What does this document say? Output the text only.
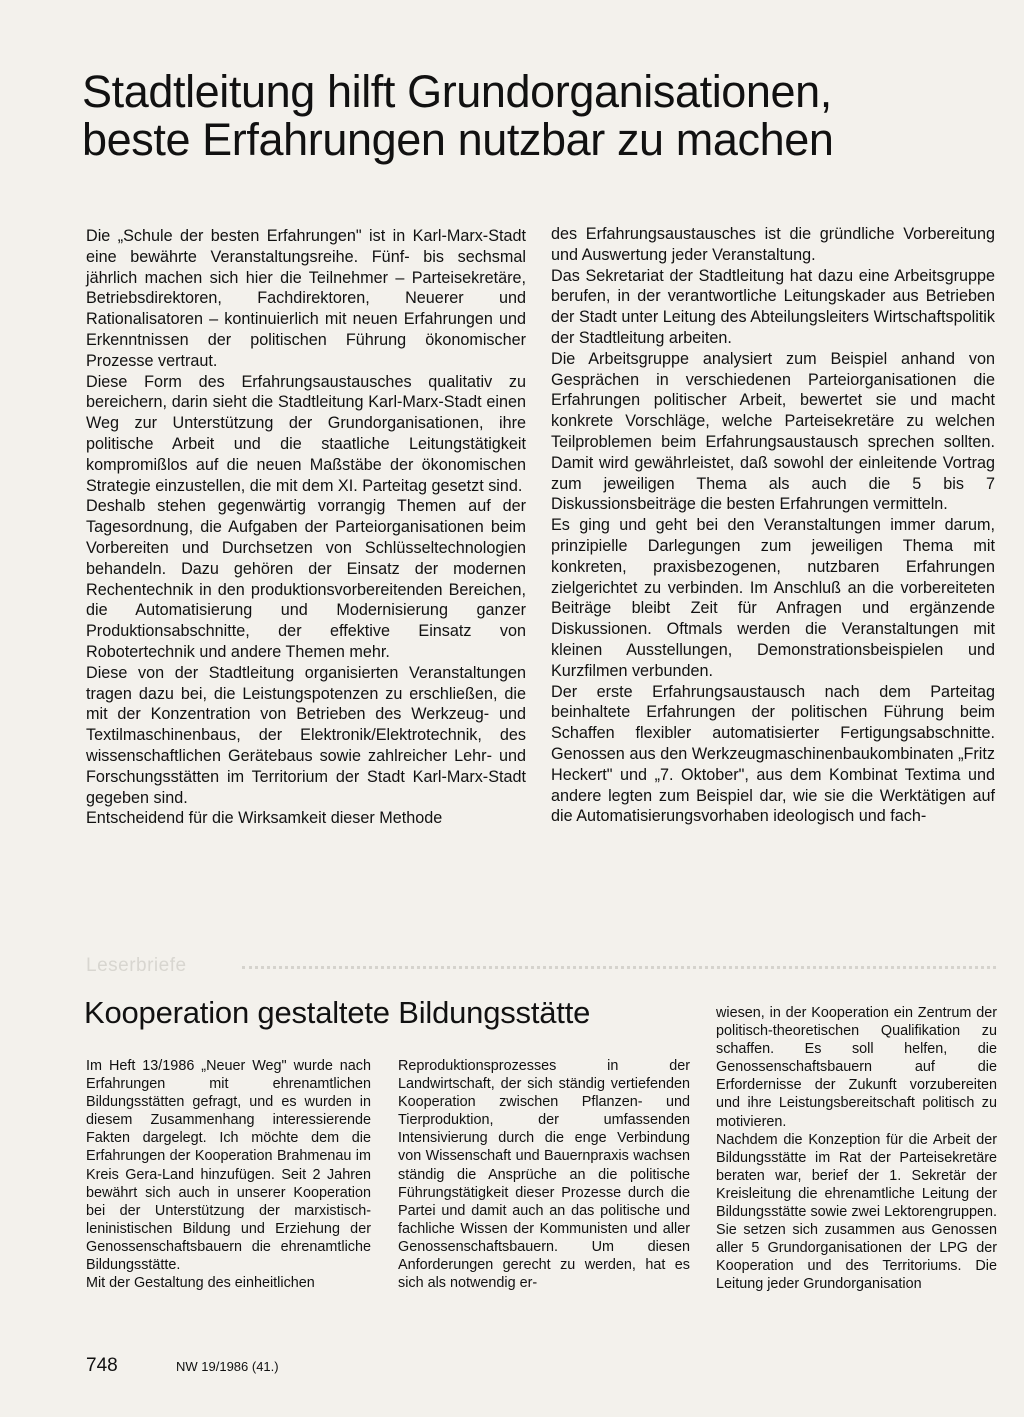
Stadtleitung hilft Grundorganisationen,
beste Erfahrungen nutzbar zu machen

Die „Schule der besten Erfahrungen" ist in Karl-Marx-Stadt eine bewährte Veranstaltungsreihe. Fünf- bis sechsmal jährlich machen sich hier die Teilnehmer – Parteisekretäre, Betriebsdirektoren, Fachdirektoren, Neuerer und Rationalisatoren – kontinuierlich mit neuen Erfahrungen und Erkenntnissen der politischen Führung ökonomischer Prozesse vertraut.

Diese Form des Erfahrungsaustausches qualitativ zu bereichern, darin sieht die Stadtleitung Karl-Marx-Stadt einen Weg zur Unterstützung der Grundorganisationen, ihre politische Arbeit und die staatliche Leitungstätigkeit kompromißlos auf die neuen Maßstäbe der ökonomischen Strategie einzustellen, die mit dem XI. Parteitag gesetzt sind.

Deshalb stehen gegenwärtig vorrangig Themen auf der Tagesordnung, die Aufgaben der Parteiorganisationen beim Vorbereiten und Durchsetzen von Schlüsseltechnologien behandeln. Dazu gehören der Einsatz der modernen Rechentechnik in den produktionsvorbereitenden Bereichen, die Automatisierung und Modernisierung ganzer Produktionsabschnitte, der effektive Einsatz von Robotertechnik und andere Themen mehr.

Diese von der Stadtleitung organisierten Veranstaltungen tragen dazu bei, die Leistungspotenzen zu erschließen, die mit der Konzentration von Betrieben des Werkzeug- und Textilmaschinenbaus, der Elektronik/Elektrotechnik, des wissenschaftlichen Gerätebaus sowie zahlreicher Lehr- und Forschungsstätten im Territorium der Stadt Karl-Marx-Stadt gegeben sind.

Entscheidend für die Wirksamkeit dieser Methode

des Erfahrungsaustausches ist die gründliche Vorbereitung und Auswertung jeder Veranstaltung.

Das Sekretariat der Stadtleitung hat dazu eine Arbeitsgruppe berufen, in der verantwortliche Leitungskader aus Betrieben der Stadt unter Leitung des Abteilungsleiters Wirtschaftspolitik der Stadtleitung arbeiten.

Die Arbeitsgruppe analysiert zum Beispiel anhand von Gesprächen in verschiedenen Parteiorganisationen die Erfahrungen politischer Arbeit, bewertet sie und macht konkrete Vorschläge, welche Parteisekretäre zu welchen Teilproblemen beim Erfahrungsaustausch sprechen sollten. Damit wird gewährleistet, daß sowohl der einleitende Vortrag zum jeweiligen Thema als auch die 5 bis 7 Diskussionsbeiträge die besten Erfahrungen vermitteln.

Es ging und geht bei den Veranstaltungen immer darum, prinzipielle Darlegungen zum jeweiligen Thema mit konkreten, praxisbezogenen, nutzbaren Erfahrungen zielgerichtet zu verbinden. Im Anschluß an die vorbereiteten Beiträge bleibt Zeit für Anfragen und ergänzende Diskussionen. Oftmals werden die Veranstaltungen mit kleinen Ausstellungen, Demonstrationsbeispielen und Kurzfilmen verbunden.

Der erste Erfahrungsaustausch nach dem Parteitag beinhaltete Erfahrungen der politischen Führung beim Schaffen flexibler automatisierter Fertigungsabschnitte. Genossen aus den Werkzeugmaschinenbaukombinaten „Fritz Heckert" und „7. Oktober", aus dem Kombinat Textima und andere legten zum Beispiel dar, wie sie die Werktätigen auf die Automatisierungsvorhaben ideologisch und fach-

Leserbriefe
Kooperation gestaltete Bildungsstätte

Im Heft 13/1986 „Neuer Weg" wurde nach Erfahrungen mit ehrenamtlichen Bildungsstätten gefragt, und es wurden in diesem Zusammenhang interessierende Fakten dargelegt. Ich möchte dem die Erfahrungen der Kooperation Brahmenau im Kreis Gera-Land hinzufügen. Seit 2 Jahren bewährt sich auch in unserer Kooperation bei der Unterstützung der marxistisch-leninistischen Bildung und Erziehung der Genossenschaftsbauern die ehrenamtliche Bildungsstätte.

Mit der Gestaltung des einheitlichen

Reproduktionsprozesses in der Landwirtschaft, der sich ständig vertiefenden Kooperation zwischen Pflanzen- und Tierproduktion, der umfassenden Intensivierung durch die enge Verbindung von Wissenschaft und Bauernpraxis wachsen ständig die Ansprüche an die politische Führungstätigkeit dieser Prozesse durch die Partei und damit auch an das politische und fachliche Wissen der Kommunisten und aller Genossenschaftsbauern. Um diesen Anforderungen gerecht zu werden, hat es sich als notwendig er-

wiesen, in der Kooperation ein Zentrum der politisch-theoretischen Qualifikation zu schaffen. Es soll helfen, die Genossenschaftsbauern auf die Erfordernisse der Zukunft vorzubereiten und ihre Leistungsbereitschaft politisch zu motivieren.

Nachdem die Konzeption für die Arbeit der Bildungsstätte im Rat der Parteisekretäre beraten war, berief der 1. Sekretär der Kreisleitung die ehrenamtliche Leitung der Bildungsstätte sowie zwei Lektorengruppen. Sie setzen sich zusammen aus Genossen aller 5 Grundorganisationen der LPG der Kooperation und des Territoriums. Die Leitung jeder Grundorganisation

748	NW 19/1986 (41.)
